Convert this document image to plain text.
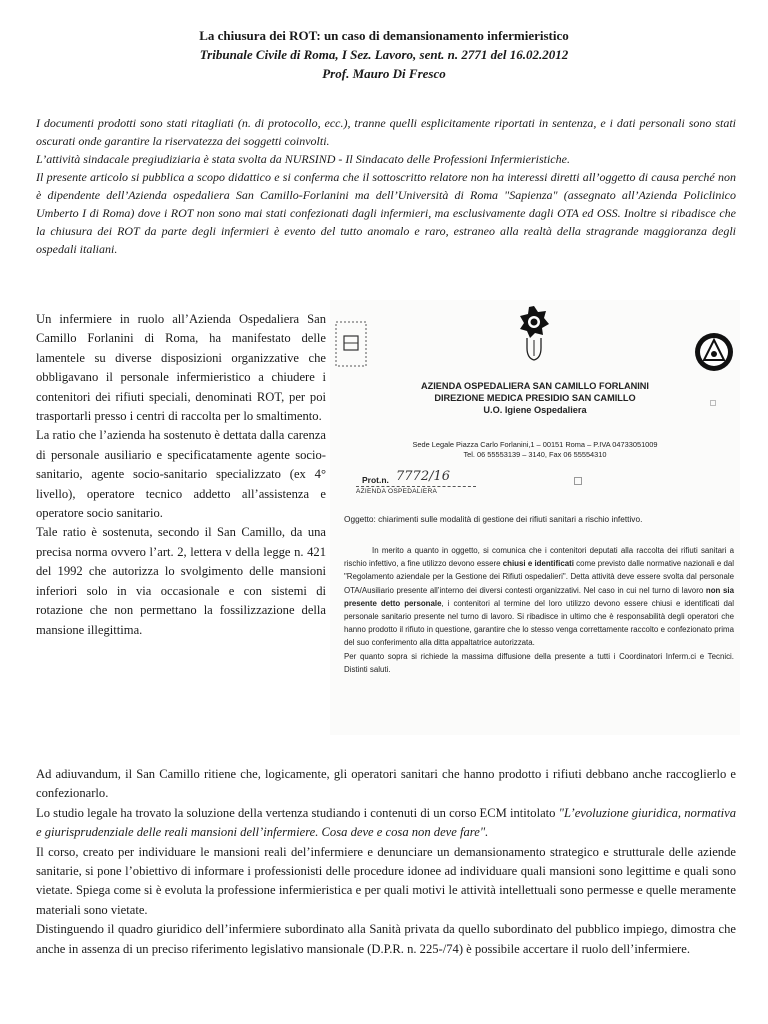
La chiusura dei ROT: un caso di demansionamento infermieristico
Tribunale Civile di Roma, I Sez. Lavoro, sent. n. 2771 del 16.02.2012
Prof. Mauro Di Fresco

I documenti prodotti sono stati ritagliati (n. di protocollo, ecc.), tranne quelli esplicitamente riportati in sentenza, e i dati personali sono stati oscurati onde garantire la riservatezza dei soggetti coinvolti.

L’attività sindacale pregiudiziaria è stata svolta da NURSIND - Il Sindacato delle Professioni Infermieristiche.

Il presente articolo si pubblica a scopo didattico e si conferma che il sottoscritto relatore non ha interessi diretti all’oggetto di causa perché non è dipendente dell’Azienda ospedaliera San Camillo-Forlanini ma dell’Università di Roma "Sapienza" (assegnato all’Azienda Policlinico Umberto I di Roma) dove i ROT non sono mai stati confezionati dagli infermieri, ma esclusivamente dagli OTA ed OSS. Inoltre si ribadisce che la chiusura dei ROT da parte degli infermieri è evento del tutto anomalo e raro, estraneo alla realtà della stragrande maggioranza degli ospedali italiani.

Un infermiere in ruolo all’Azienda Ospedaliera San Camillo Forlanini di Roma, ha manifestato delle lamentele su diverse disposizioni organizzative che obbligavano il personale infermieristico a chiudere i contenitori dei rifiuti speciali, denominati ROT, per poi trasportarli presso i centri di raccolta per lo smaltimento.

La ratio che l’azienda ha sostenuto è dettata dalla carenza di personale ausiliario e specificatamente agente socio-sanitario, agente socio-sanitario specializzato (ex 4° livello), operatore tecnico addetto all’assistenza e operatore socio sanitario.

Tale ratio è sostenuta, secondo il San Camillo, da una precisa norma ovvero l’art. 2, lettera v della legge n. 421 del 1992 che autorizza lo svolgimento delle mansioni inferiori solo in via occasionale e con sistemi di rotazione che non permettano la fossilizzazione della mansione illegittima.

AZIENDA OSPEDALIERA SAN CAMILLO FORLANINI
DIREZIONE MEDICA PRESIDIO SAN CAMILLO
U.O. Igiene Ospedaliera
Sede Legale Piazza Carlo Forlanini,1 – 00151 Roma – P.IVA 04733051009
Tel. 06 55553139 – 3140, Fax 06 55554310
Prot.n. 7772/16
AZIENDA OSPEDALIERA
Oggetto: chiarimenti sulle modalità di gestione dei rifiuti sanitari a rischio infettivo.

In merito a quanto in oggetto, si comunica che i contenitori deputati alla raccolta dei rifiuti sanitari a rischio infettivo, a fine utilizzo devono essere chiusi e identificati come previsto dalle normative nazionali e dal "Regolamento aziendale per la Gestione dei Rifiuti ospedalieri". Detta attività deve essere svolta dal personale OTA/Ausiliario presente all’interno dei diversi contesti organizzativi. Nel caso in cui nel turno di lavoro non sia presente detto personale, i contenitori al termine del loro utilizzo devono essere chiusi e identificati dal personale sanitario presente nel turno di lavoro. Si ribadisce in ultimo che è responsabilità degli operatori che hanno prodotto il rifiuto in questione, garantire che lo stesso venga correttamente raccolto e confezionato prima del suo conferimento alla ditta appaltatrice autorizzata.

Per quanto sopra si richiede la massima diffusione della presente a tutti i Coordinatori Inferm.ci e Tecnici. Distinti saluti.

Ad adiuvandum, il San Camillo ritiene che, logicamente, gli operatori sanitari che hanno prodotto i rifiuti debbano anche raccoglierlo e confezionarlo.

Lo studio legale ha trovato la soluzione della vertenza studiando i contenuti di un corso ECM intitolato "L’evoluzione giuridica, normativa e giurisprudenziale delle reali mansioni dell’infermiere. Cosa deve e cosa non deve fare".

Il corso, creato per individuare le mansioni reali del’infermiere e denunciare un demansionamento strategico e strutturale delle aziende sanitarie, si pone l’obiettivo di informare i professionisti delle procedure idonee ad individuare quali mansioni sono legittime e quali sono vietate. Spiega come si è evoluta la professione infermieristica e per quali motivi le attività intellettuali sono permesse e quelle meramente materiali sono vietate.

Distinguendo il quadro giuridico dell’infermiere subordinato alla Sanità privata da quello subordinato del pubblico impiego, dimostra che anche in assenza di un preciso riferimento legislativo mansionale (D.P.R. n. 225-/74) è possibile accertare il ruolo dell’infermiere.
